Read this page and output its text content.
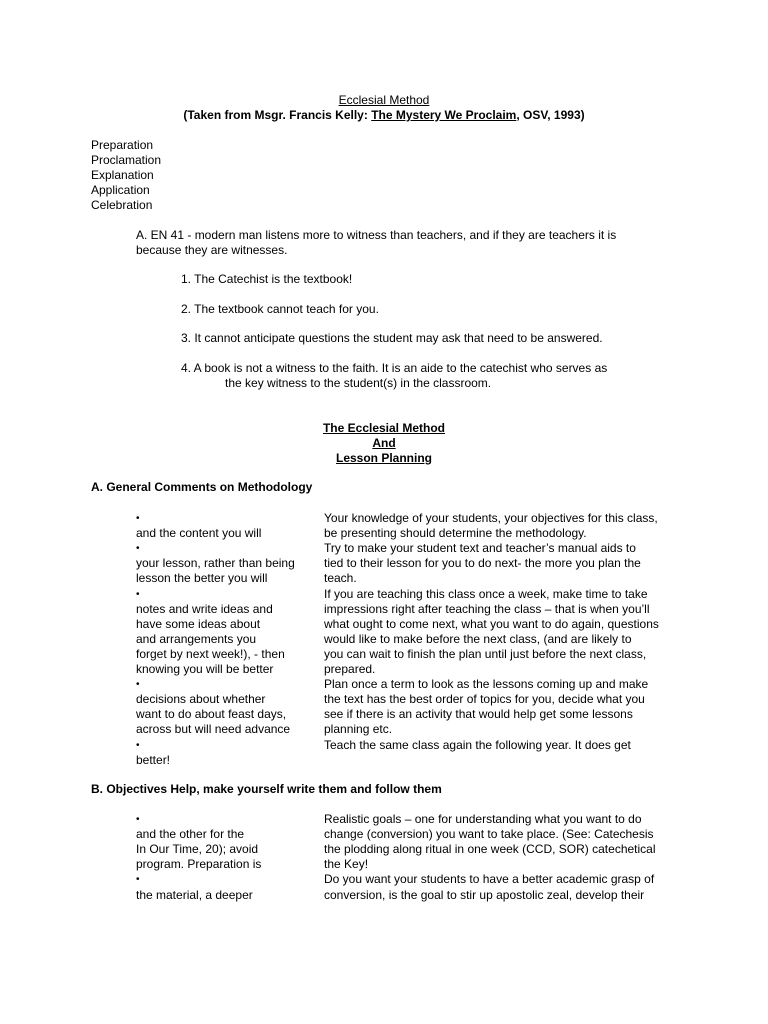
Ecclesial Method
(Taken from Msgr. Francis Kelly: The Mystery We Proclaim, OSV, 1993)
Preparation
Proclamation
Explanation
Application
Celebration
A. EN 41 - modern man listens more to witness than teachers, and if they are teachers it is
because they are witnesses.
1. The Catechist is the textbook!
2. The textbook cannot teach for you.
3. It cannot anticipate questions the student may ask that need to be answered.
4. A book is not a witness to the faith. It is an aide to the catechist who serves as
the key witness to the student(s) in the classroom.
The Ecclesial Method
And
Lesson Planning
A. General Comments on Methodology
•
and the content you will
•
your lesson, rather than being
lesson the better you will
•
notes and write ideas and
have some ideas about
and arrangements you
forget by next week!), - then
knowing you will be better
•
decisions about whether
want to do about feast days,
across but will need advance
•
better!
Your knowledge of your students, your objectives for this class,
be presenting should determine the methodology.
Try to make your student text and teacher’s manual aids to
tied to their lesson for you to do next- the more you plan the
teach.
If you are teaching this class once a week, make time to take
impressions right after teaching the class – that is when you’ll
what ought to come next, what you want to do again, questions
would like to make before the next class, (and are likely to
you can wait to finish the plan until just before the next class,
prepared.
Plan once a term to look as the lessons coming up and make
the text has the best order of topics for you, decide what you
see if there is an activity that would help get some lessons
planning etc.
Teach the same class again the following year. It does get
B. Objectives Help, make yourself write them and follow them
•
and the other for the
In Our Time, 20); avoid
program. Preparation is
•
the material, a deeper
Realistic goals – one for understanding what you want to do
change (conversion) you want to take place. (See: Catechesis
the plodding along ritual in one week (CCD, SOR) catechetical
the Key!
Do you want your students to have a better academic grasp of
conversion, is the goal to stir up apostolic zeal, develop their
